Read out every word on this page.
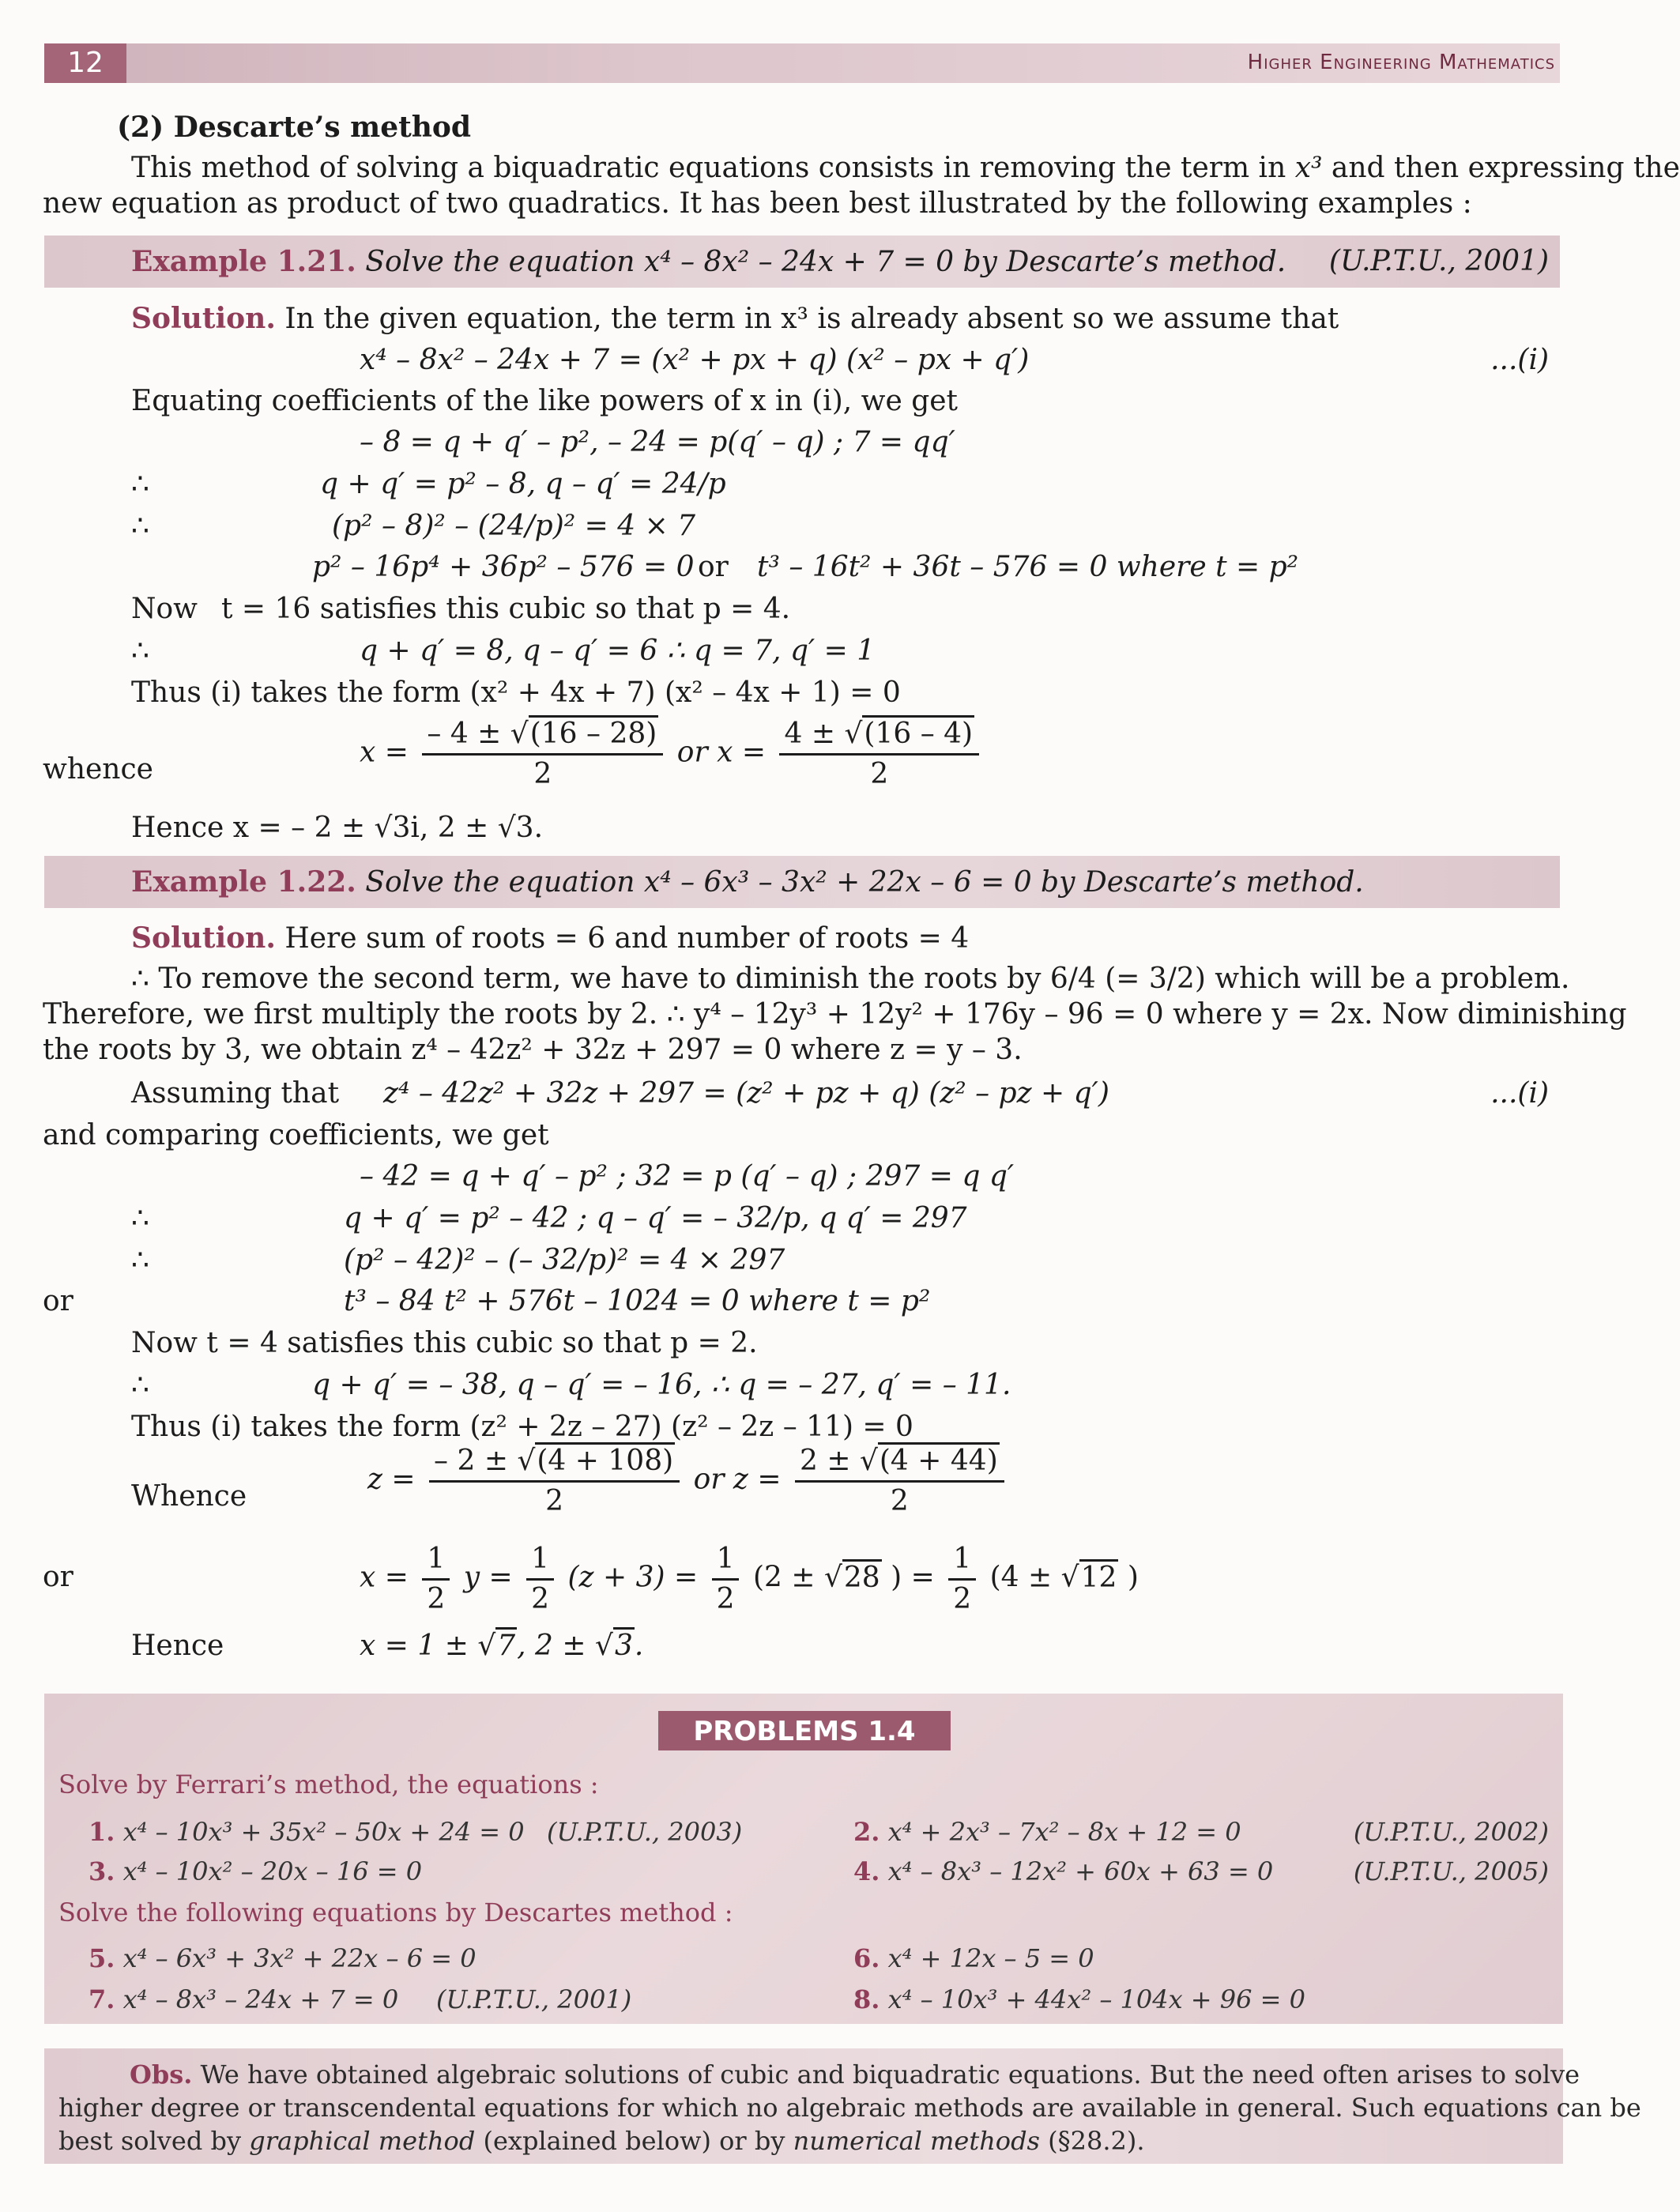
12	Higher Engineering Mathematics
(2) Descarte’s method
This method of solving a biquadratic equations consists in removing the term in x³ and then expressing the
new equation as product of two quadratics. It has been best illustrated by the following examples :
Example 1.21. Solve the equation x⁴ – 8x² – 24x + 7 = 0 by Descarte’s method. (U.P.T.U., 2001)
Solution. In the given equation, the term in x³ is already absent so we assume that
x⁴ – 8x² – 24x + 7 = (x² + px + q) (x² – px + q′)	...(i)
Equating coefficients of the like powers of x in (i), we get
– 8 = q + q′ – p², – 24 = p(q′ – q) ; 7 = qq′
∴	q + q′ = p² – 8, q – q′ = 24/p
∴	(p² – 8)² – (24/p)² = 4 × 7
p² – 16p⁴ + 36p² – 576 = 0 or t³ – 16t² + 36t – 576 = 0 where t = p²
Now t = 16 satisfies this cubic so that p = 4.
∴	q + q′ = 8, q – q′ = 6 ∴ q = 7, q′ = 1
Thus (i) takes the form (x² + 4x + 7) (x² – 4x + 1) = 0
whence
$x = \frac{- 4 \pm √(16 - 28)}{2}$ or $x = \frac{4 \pm √(16 - 4)}{2}$
Hence x = – 2 ± √3i, 2 ± √3.
Example 1.22. Solve the equation x⁴ – 6x³ – 3x² + 22x – 6 = 0 by Descarte’s method.
Solution. Here sum of roots = 6 and number of roots = 4
∴ To remove the second term, we have to diminish the roots by 6/4 (= 3/2) which will be a problem.
Therefore, we first multiply the roots by 2. ∴ y⁴ – 12y³ + 12y² + 176y – 96 = 0 where y = 2x. Now diminishing
the roots by 3, we obtain z⁴ – 42z² + 32z + 297 = 0 where z = y – 3.
Assuming that z⁴ – 42z² + 32z + 297 = (z² + pz + q) (z² – pz + q′)	...(i)
and comparing coefficients, we get
– 42 = q + q′ – p² ; 32 = p (q′ – q) ; 297 = q q′
∴	q + q′ = p² – 42 ; q – q′ = – 32/p, q q′ = 297
∴	(p² – 42)² – (– 32/p)² = 4 × 297
or	t³ – 84 t² + 576t – 1024 = 0 where t = p²
Now t = 4 satisfies this cubic so that p = 2.
∴	q + q′ = – 38, q – q′ = – 16, ∴ q = – 27, q′ = – 11.
Thus (i) takes the form (z² + 2z – 27) (z² – 2z – 11) = 0
Whence
$z = \frac{- 2 \pm √(4 + 108)}{2}$ or $z = \frac{2 \pm √(4 + 44)}{2}$
or	$x = \frac{1}{2}$ $y = \frac{1}{2} (z + 3) = \frac{1}{2} (2 \pm √28$ ) = $\frac{1}{2} (4 \pm √12$ )
Hence	x = 1 ± √7, 2 ± √3.
PROBLEMS 1.4
Solve by Ferrari’s method, the equations :
1. x⁴ – 10x³ + 35x² – 50x + 24 = 0 (U.P.T.U., 2003)	2. x⁴ + 2x³ – 7x² – 8x + 12 = 0	(U.P.T.U., 2002)
3. x⁴ – 10x² – 20x – 16 = 0	4. x⁴ – 8x³ – 12x² + 60x + 63 = 0	(U.P.T.U., 2005)
Solve the following equations by Descartes method :
5. x⁴ – 6x³ + 3x² + 22x – 6 = 0	6. x⁴ + 12x – 5 = 0
7. x⁴ – 8x³ – 24x + 7 = 0 (U.P.T.U., 2001)	8. x⁴ – 10x³ + 44x² – 104x + 96 = 0
Obs. We have obtained algebraic solutions of cubic and biquadratic equations. But the need often arises to solve
higher degree or transcendental equations for which no algebraic methods are available in general. Such equations can be
best solved by graphical method (explained below) or by numerical methods (§28.2).
